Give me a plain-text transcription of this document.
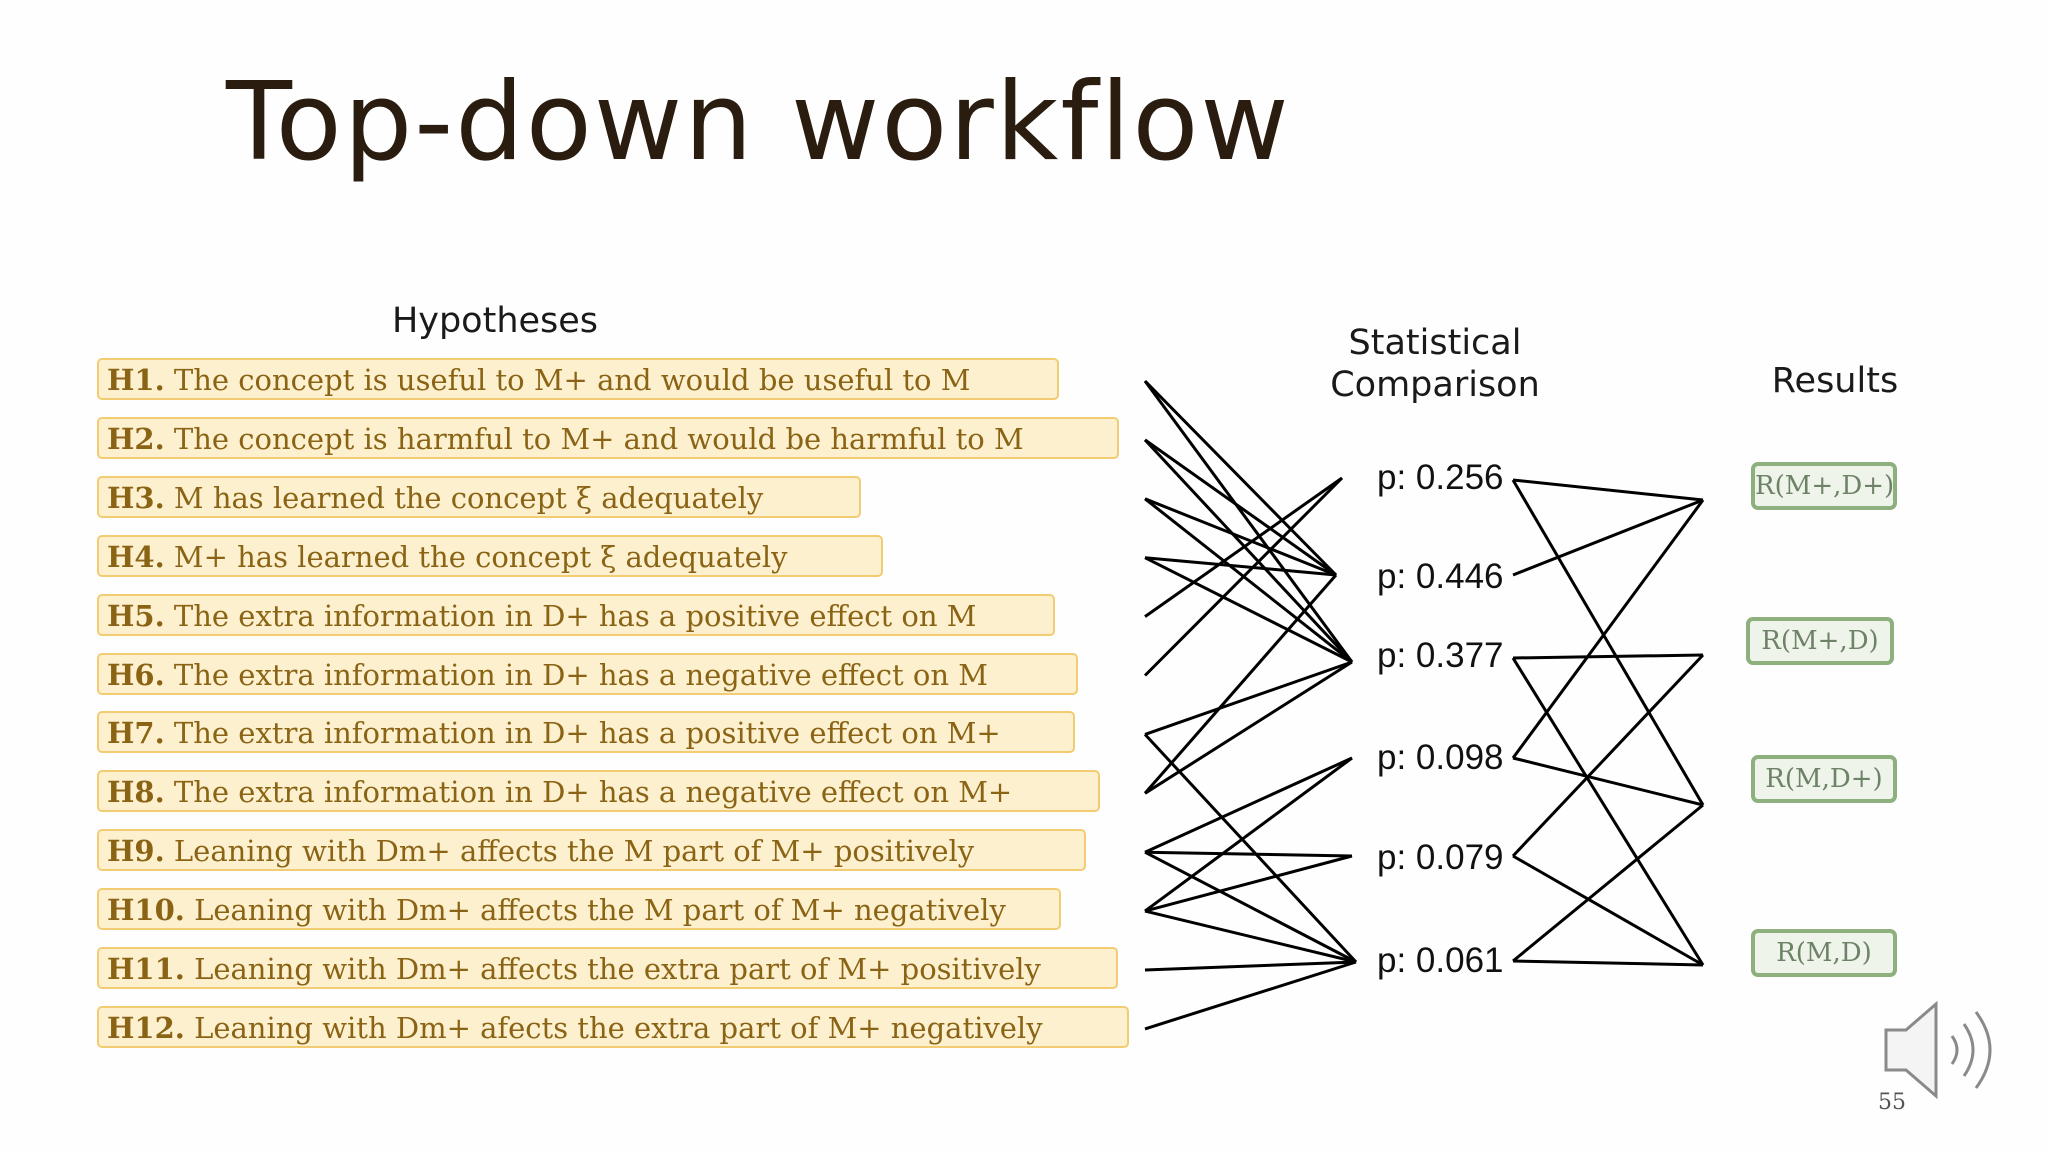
Top-down workflow
Hypotheses
Statistical
Comparison	Results
H1. The concept is useful to M+ and would be useful to M
H2. The concept is harmful to M+ and would be harmful to M
H3. M has learned the concept ξ adequately
H4. M+ has learned the concept ξ adequately
H5. The extra information in D+ has a positive effect on M
H6. The extra information in D+ has a negative effect on M
H7. The extra information in D+ has a positive effect on M+
H8. The extra information in D+ has a negative effect on M+
H9. Leaning with Dm+ affects the M part of M+ positively
H10. Leaning with Dm+ affects the M part of M+ negatively
H11. Leaning with Dm+ affects the extra part of M+ positively
H12. Leaning with Dm+ afects the extra part of M+ negatively
p: 0.256
p: 0.446
p: 0.377
p: 0.098
p: 0.079
p: 0.061
R(M+,D+)
R(M+,D)
R(M,D+)
R(M,D)
55
